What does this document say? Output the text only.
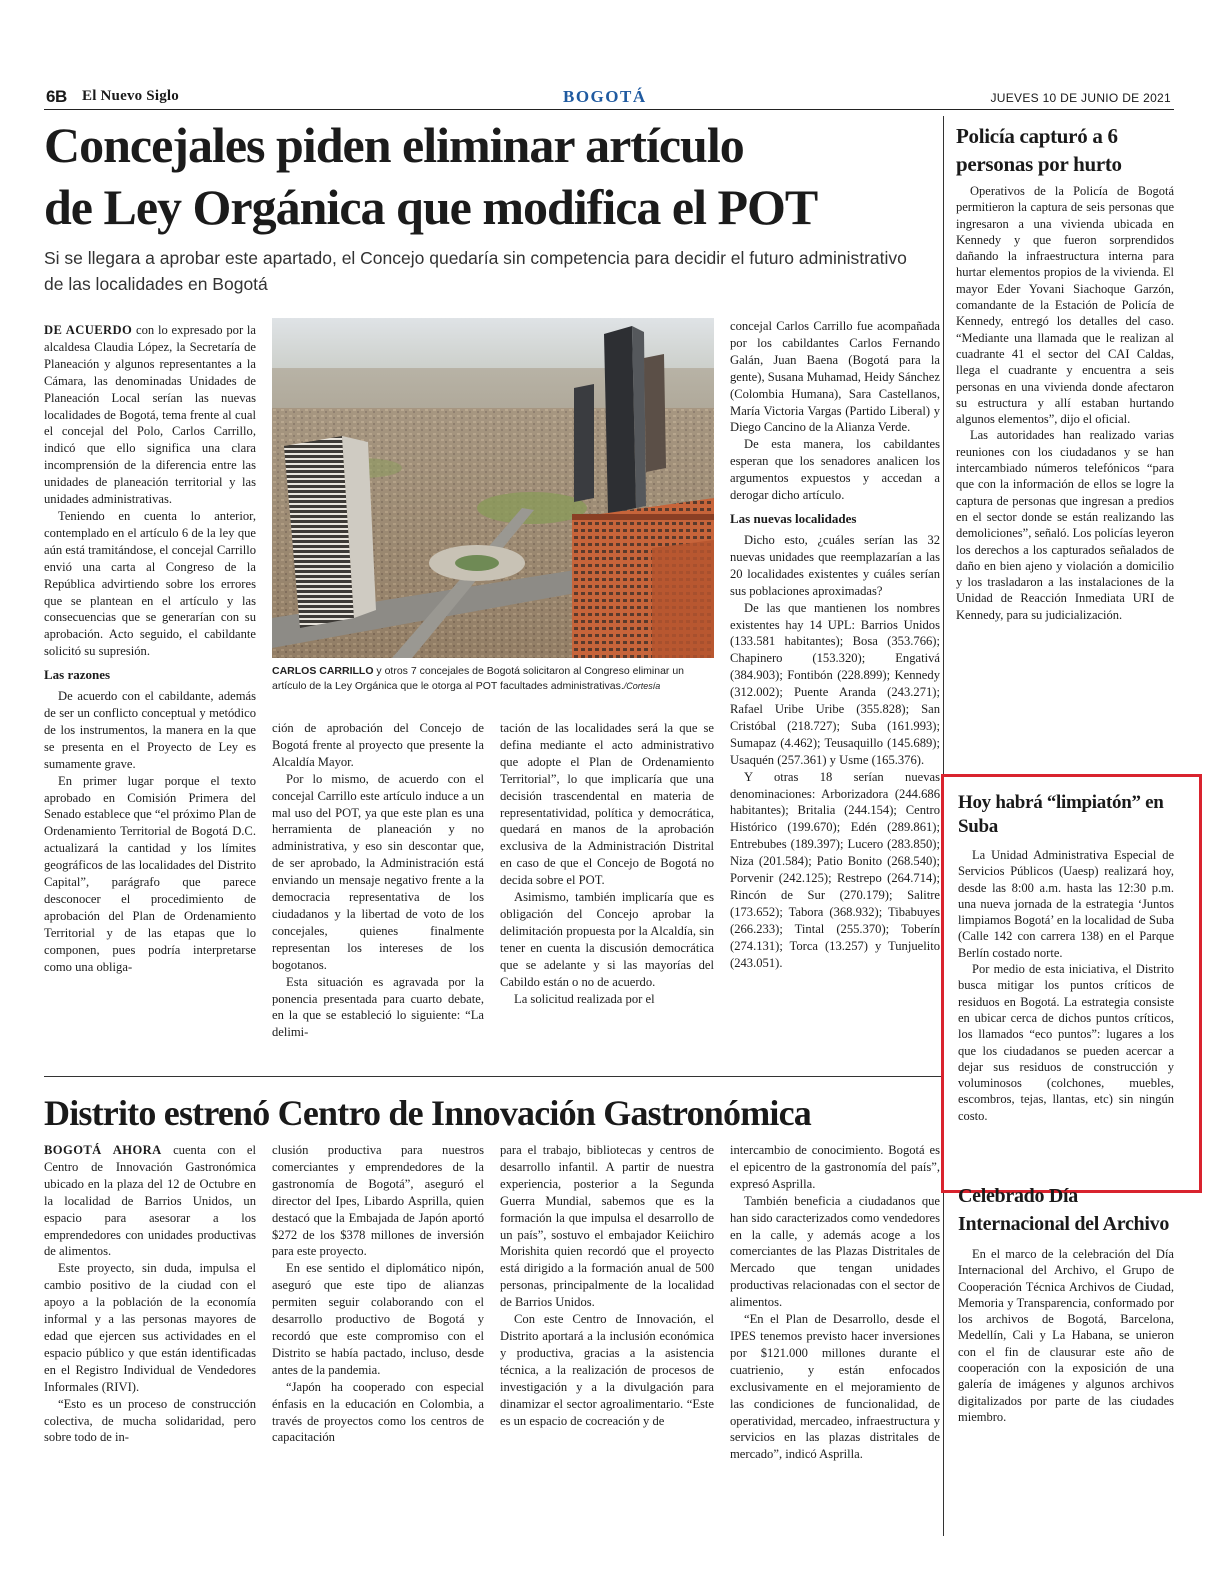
6B El Nuevo Siglo	BOGOTÁ	JUEVES 10 DE JUNIO DE 2021
Concejales piden eliminar artículo
de Ley Orgánica que modifica el POT
Si se llegara a aprobar este apartado, el Concejo quedaría sin competencia para decidir el futuro administrativo de las localidades en Bogotá

DE ACUERDO con lo expresado por la alcaldesa Claudia López, la Secretaría de Planeación y algunos representantes a la Cámara, las denominadas Unidades de Planeación Local serían las nuevas localidades de Bogotá, tema frente al cual el concejal del Polo, Carlos Carrillo, indicó que ello significa una clara incomprensión de la diferencia entre las unidades de planeación territorial y las unidades administrativas.

Teniendo en cuenta lo anterior, contemplado en el artículo 6 de la ley que aún está tramitándose, el concejal Carrillo envió una carta al Congreso de la República advirtiendo sobre los errores que se plantean en el artículo y las consecuencias que se generarían con su aprobación. Acto seguido, el cabildante solicitó su supresión.

Las razones

De acuerdo con el cabildante, además de ser un conflicto conceptual y metódico de los instrumentos, la manera en la que se presenta en el Proyecto de Ley es sumamente grave.

En primer lugar porque el texto aprobado en Comisión Primera del Senado establece que “el próximo Plan de Ordenamiento Territorial de Bogotá D.C. actualizará la cantidad y los límites geográficos de las localidades del Distrito Capital”, parágrafo que parece desconocer el procedimiento de aprobación del Plan de Ordenamiento Territorial y de las etapas que lo componen, pues podría interpretarse como una obliga-

CARLOS CARRILLO y otros 7 concejales de Bogotá solicitaron al Congreso eliminar un artículo de la Ley Orgánica que le otorga al POT facultades administrativas./Cortesía

ción de aprobación del Concejo de Bogotá frente al proyecto que presente la Alcaldía Mayor.

Por lo mismo, de acuerdo con el concejal Carrillo este artículo induce a un mal uso del POT, ya que este plan es una herramienta de planeación y no administrativa, y eso sin descontar que, de ser aprobado, la Administración está enviando un mensaje negativo frente a la democracia representativa de los ciudadanos y la libertad de voto de los concejales, quienes finalmente representan los intereses de los bogotanos.

Esta situación es agravada por la ponencia presentada para cuarto debate, en la que se estableció lo siguiente: “La delimi-

tación de las localidades será la que se defina mediante el acto administrativo que adopte el Plan de Ordenamiento Territorial”, lo que implicaría que una decisión trascendental en materia de representatividad, política y democrática, quedará en manos de la aprobación exclusiva de la Administración Distrital en caso de que el Concejo de Bogotá no decida sobre el POT.

Asimismo, también implicaría que es obligación del Concejo aprobar la delimitación propuesta por la Alcaldía, sin tener en cuenta la discusión democrática que se adelante y si las mayorías del Cabildo están o no de acuerdo.

La solicitud realizada por el

concejal Carlos Carrillo fue acompañada por los cabildantes Carlos Fernando Galán, Juan Baena (Bogotá para la gente), Susana Muhamad, Heidy Sánchez (Colombia Humana), Sara Castellanos, María Victoria Vargas (Partido Liberal) y Diego Cancino de la Alianza Verde.

De esta manera, los cabildantes esperan que los senadores analicen los argumentos expuestos y accedan a derogar dicho artículo.

Las nuevas localidades

Dicho esto, ¿cuáles serían las 32 nuevas unidades que reemplazarían a las 20 localidades existentes y cuáles serían sus poblaciones aproximadas?

De las que mantienen los nombres existentes hay 14 UPL: Barrios Unidos (133.581 habitantes); Bosa (353.766); Chapinero (153.320); Engativá (384.903); Fontibón (228.899); Kennedy (312.002); Puente Aranda (243.271); Rafael Uribe Uribe (355.828); San Cristóbal (218.727); Suba (161.993); Sumapaz (4.462); Teusaquillo (145.689); Usaquén (257.361) y Usme (165.376).

Y otras 18 serían nuevas denominaciones: Arborizadora (244.686 habitantes); Britalia (244.154); Centro Histórico (199.670); Edén (289.861); Entrebubes (189.397); Lucero (283.850); Niza (201.584); Patio Bonito (268.540); Porvenir (242.125); Restrepo (264.714); Rincón de Sur (270.179); Salitre (173.652); Tabora (368.932); Tibabuyes (266.233); Tintal (255.370); Toberín (274.131); Torca (13.257) y Tunjuelito (243.051).

Distrito estrenó Centro de Innovación Gastronómica

BOGOTÁ AHORA cuenta con el Centro de Innovación Gastronómica ubicado en la plaza del 12 de Octubre en la localidad de Barrios Unidos, un espacio para asesorar a los emprendedores con unidades productivas de alimentos.

Este proyecto, sin duda, impulsa el cambio positivo de la ciudad con el apoyo a la población de la economía informal y a las personas mayores de edad que ejercen sus actividades en el espacio público y que están identificadas en el Registro Individual de Vendedores Informales (RIVI).

“Esto es un proceso de construcción colectiva, de mucha solidaridad, pero sobre todo de in-

clusión productiva para nuestros comerciantes y emprendedores de la gastronomía de Bogotá”, aseguró el director del Ipes, Libardo Asprilla, quien destacó que la Embajada de Japón aportó $272 de los $378 millones de inversión para este proyecto.

En ese sentido el diplomático nipón, aseguró que este tipo de alianzas permiten seguir colaborando con el desarrollo productivo de Bogotá y recordó que este compromiso con el Distrito se había pactado, incluso, desde antes de la pandemia.

“Japón ha cooperado con especial énfasis en la educación en Colombia, a través de proyectos como los centros de capacitación

para el trabajo, bibliotecas y centros de desarrollo infantil. A partir de nuestra experiencia, posterior a la Segunda Guerra Mundial, sabemos que es la formación la que impulsa el desarrollo de un país”, sostuvo el embajador Keiichiro Morishita quien recordó que el proyecto está dirigido a la formación anual de 500 personas, principalmente de la localidad de Barrios Unidos.

Con este Centro de Innovación, el Distrito aportará a la inclusión económica y productiva, gracias a la asistencia técnica, a la realización de procesos de investigación y a la divulgación para dinamizar el sector agroalimentario. “Este es un espacio de cocreación y de

intercambio de conocimiento. Bogotá es el epicentro de la gastronomía del país”, expresó Asprilla.

También beneficia a ciudadanos que han sido caracterizados como vendedores en la calle, y además acoge a los comerciantes de las Plazas Distritales de Mercado que tengan unidades productivas relacionadas con el sector de alimentos.

“En el Plan de Desarrollo, desde el IPES tenemos previsto hacer inversiones por $121.000 millones durante el cuatrienio, y están enfocados exclusivamente en el mejoramiento de las condiciones de funcionalidad, de operatividad, mercadeo, infraestructura y servicios en las plazas distritales de mercado”, indicó Asprilla.

Policía capturó a 6 personas por hurto

Operativos de la Policía de Bogotá permitieron la captura de seis personas que ingresaron a una vivienda ubicada en Kennedy y que fueron sorprendidos dañando la infraestructura interna para hurtar elementos propios de la vivienda. El mayor Eder Yovani Siachoque Garzón, comandante de la Estación de Policía de Kennedy, entregó los detalles del caso. “Mediante una llamada que le realizan al cuadrante 41 el sector del CAI Caldas, llega el cuadrante y encuentra a seis personas en una vivienda donde afectaron su estructura y allí estaban hurtando algunos elementos”, dijo el oficial.

Las autoridades han realizado varias reuniones con los ciudadanos y se han intercambiado números telefónicos “para que con la información de ellos se logre la captura de personas que ingresan a predios en el sector donde se están realizando las demoliciones”, señaló. Los policías leyeron los derechos a los capturados señalados de daño en bien ajeno y violación a domicilio y los trasladaron a las instalaciones de la Unidad de Reacción Inmediata URI de Kennedy, para su judicialización.

Hoy habrá “limpiatón” en Suba

La Unidad Administrativa Especial de Servicios Públicos (Uaesp) realizará hoy, desde las 8:00 a.m. hasta las 12:30 p.m. una nueva jornada de la estrategia ‘Juntos limpiamos Bogotá’ en la localidad de Suba (Calle 142 con carrera 138) en el Parque Berlín costado norte.

Por medio de esta iniciativa, el Distrito busca mitigar los puntos críticos de residuos en Bogotá. La estrategia consiste en ubicar cerca de dichos puntos críticos, los llamados “eco puntos”: lugares a los que los ciudadanos se pueden acercar a dejar sus residuos de construcción y voluminosos (colchones, muebles, escombros, tejas, llantas, etc) sin ningún costo.

Celebrado Día Internacional del Archivo

En el marco de la celebración del Día Internacional del Archivo, el Grupo de Cooperación Técnica Archivos de Ciudad, Memoria y Transparencia, conformado por los archivos de Bogotá, Barcelona, Medellín, Cali y La Habana, se unieron con el fin de clausurar este año de cooperación con la exposición de una galería de imágenes y algunos archivos digitalizados por parte de las ciudades miembro.
